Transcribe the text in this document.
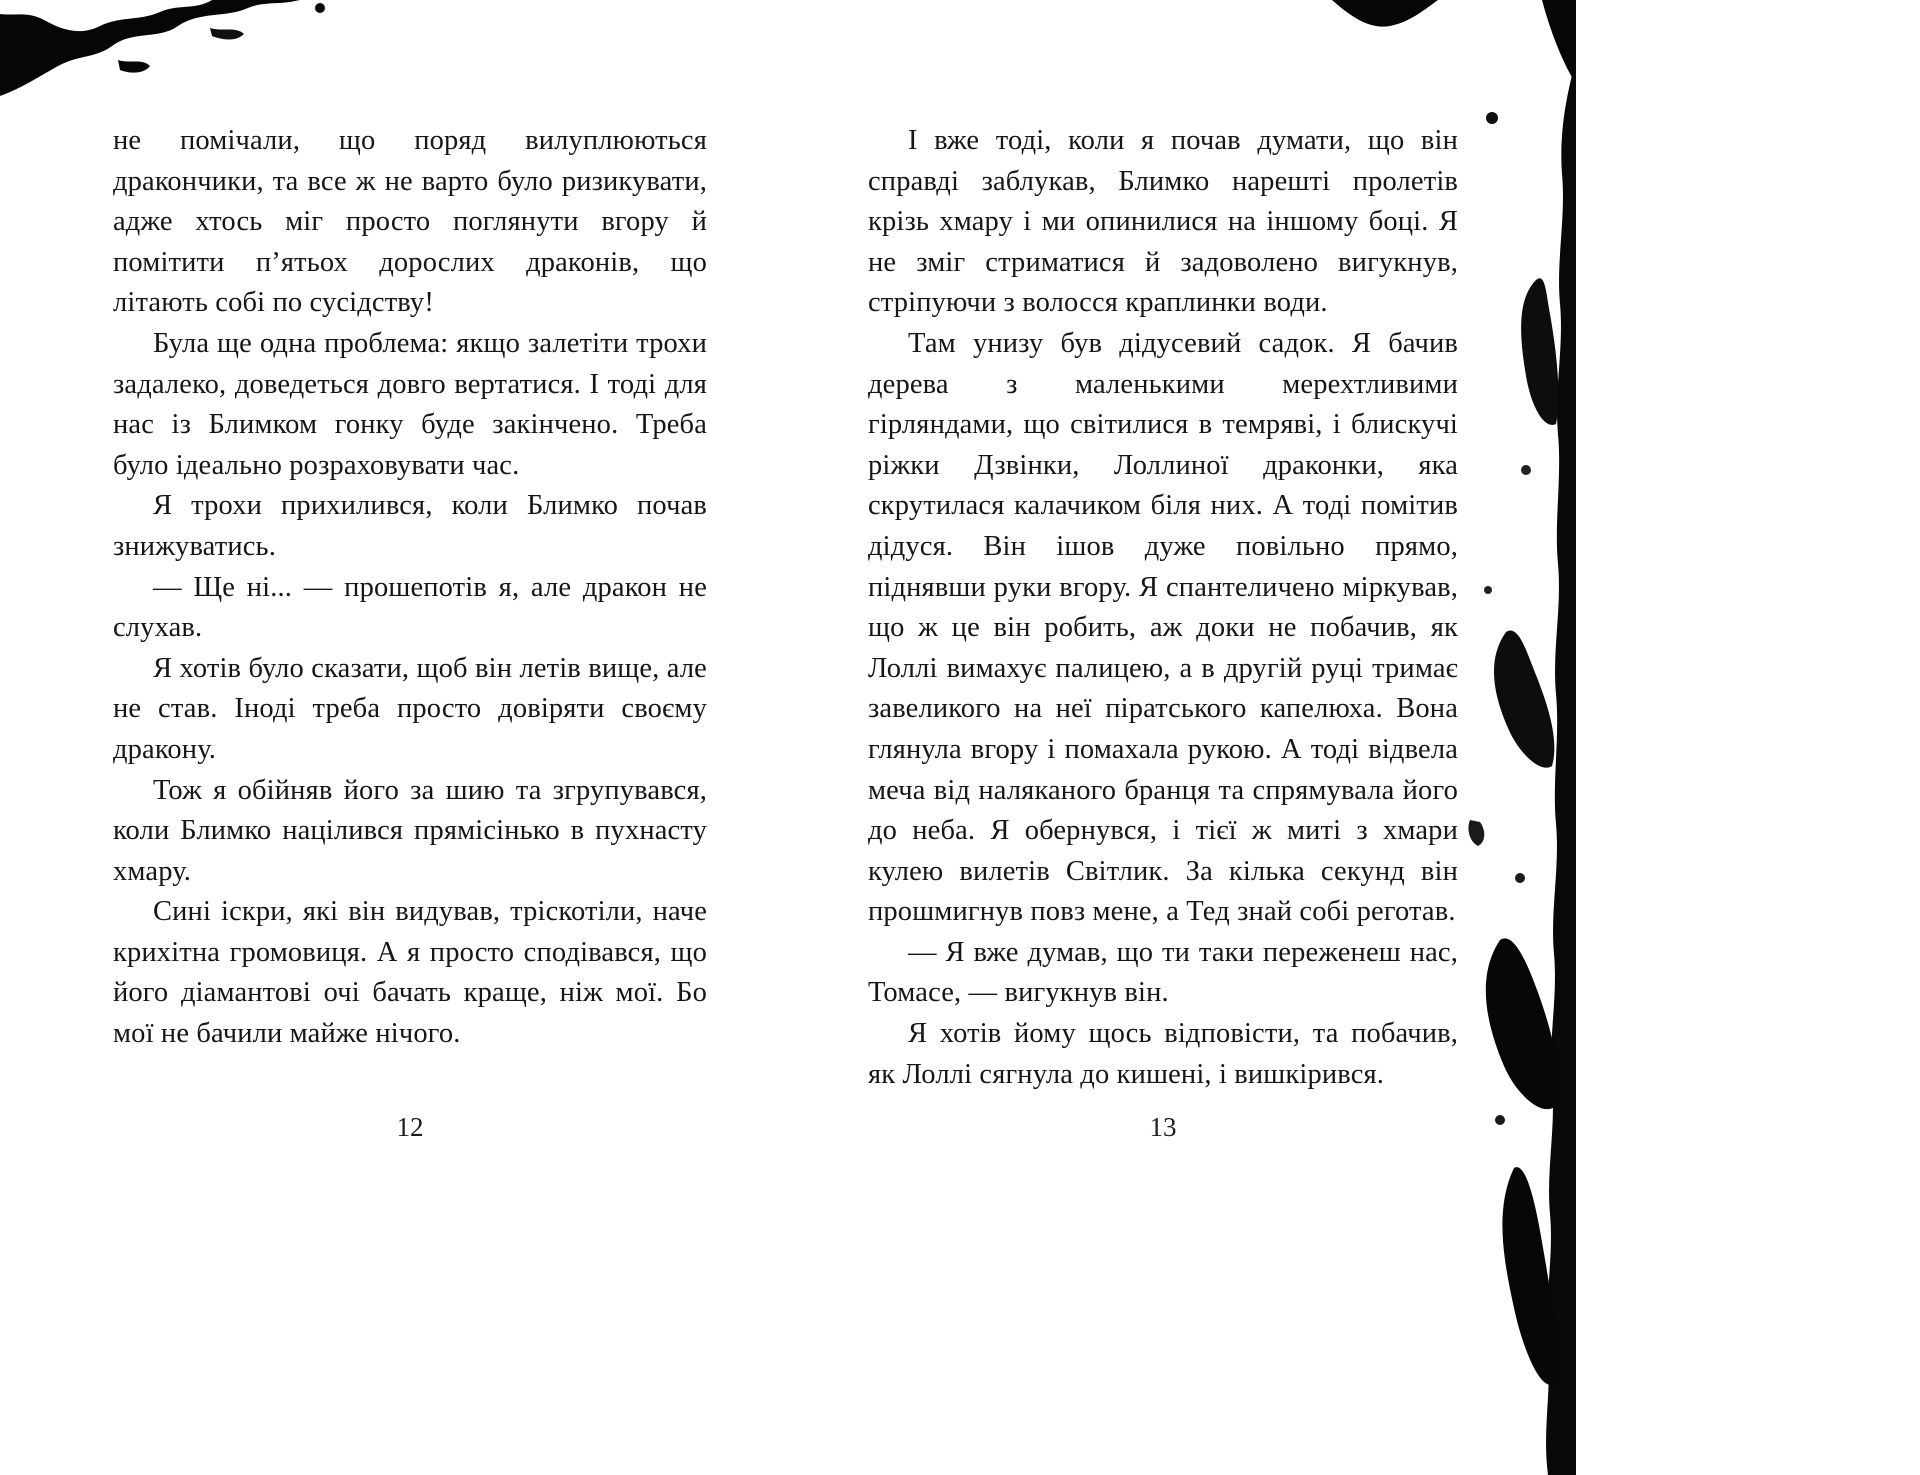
не помічали, що поряд вилуплюються дракончики, та все ж не варто було ризикувати, адже хтось міг просто поглянути вгору й помітити п’ятьох дорослих драконів, що літають собі по сусідству!

Була ще одна проблема: якщо залетіти трохи задалеко, доведеться довго вертатися. І тоді для нас із Блимком гонку буде закінчено. Треба було ідеально розраховувати час.

Я трохи прихилився, коли Блимко почав знижуватись.

— Ще ні... — прошепотів я, але дракон не слухав.

Я хотів було сказати, щоб він летів вище, але не став. Іноді треба просто довіряти своєму дракону.

Тож я обійняв його за шию та згрупувався, коли Блимко націлився прямісінько в пухнасту хмару.

Сині іскри, які він видував, тріскотіли, наче крихітна громовиця. А я просто сподівався, що його діамантові очі бачать краще, ніж мої. Бо мої не бачили майже нічого.

12

І вже тоді, коли я почав думати, що він справді заблукав, Блимко нарешті пролетів крізь хмару і ми опинилися на іншому боці. Я не зміг стриматися й задоволено вигукнув, стріпуючи з волосся краплинки води.

Там унизу був дідусевий садок. Я бачив дерева з маленькими мерехтливими гірляндами, що світилися в темряві, і блискучі ріжки Дзвінки, Лоллиної драконки, яка скрутилася калачиком біля них. А тоді помітив дідуся. Він ішов дуже повільно прямо, піднявши руки вгору. Я спантеличено міркував, що ж це він робить, аж доки не побачив, як Лоллі вимахує палицею, а в другій руці тримає завеликого на неї піратського капелюха. Вона глянула вгору і помахала рукою. А тоді відвела меча від наляканого бранця та спрямувала його до неба. Я обернувся, і тієї ж миті з хмари кулею вилетів Світлик. За кілька секунд він прошмигнув повз мене, а Тед знай собі реготав.

— Я вже думав, що ти таки переженеш нас, Томасе, — вигукнув він.

Я хотів йому щось відповісти, та побачив, як Лоллі сягнула до кишені, і вишкірився.

13
